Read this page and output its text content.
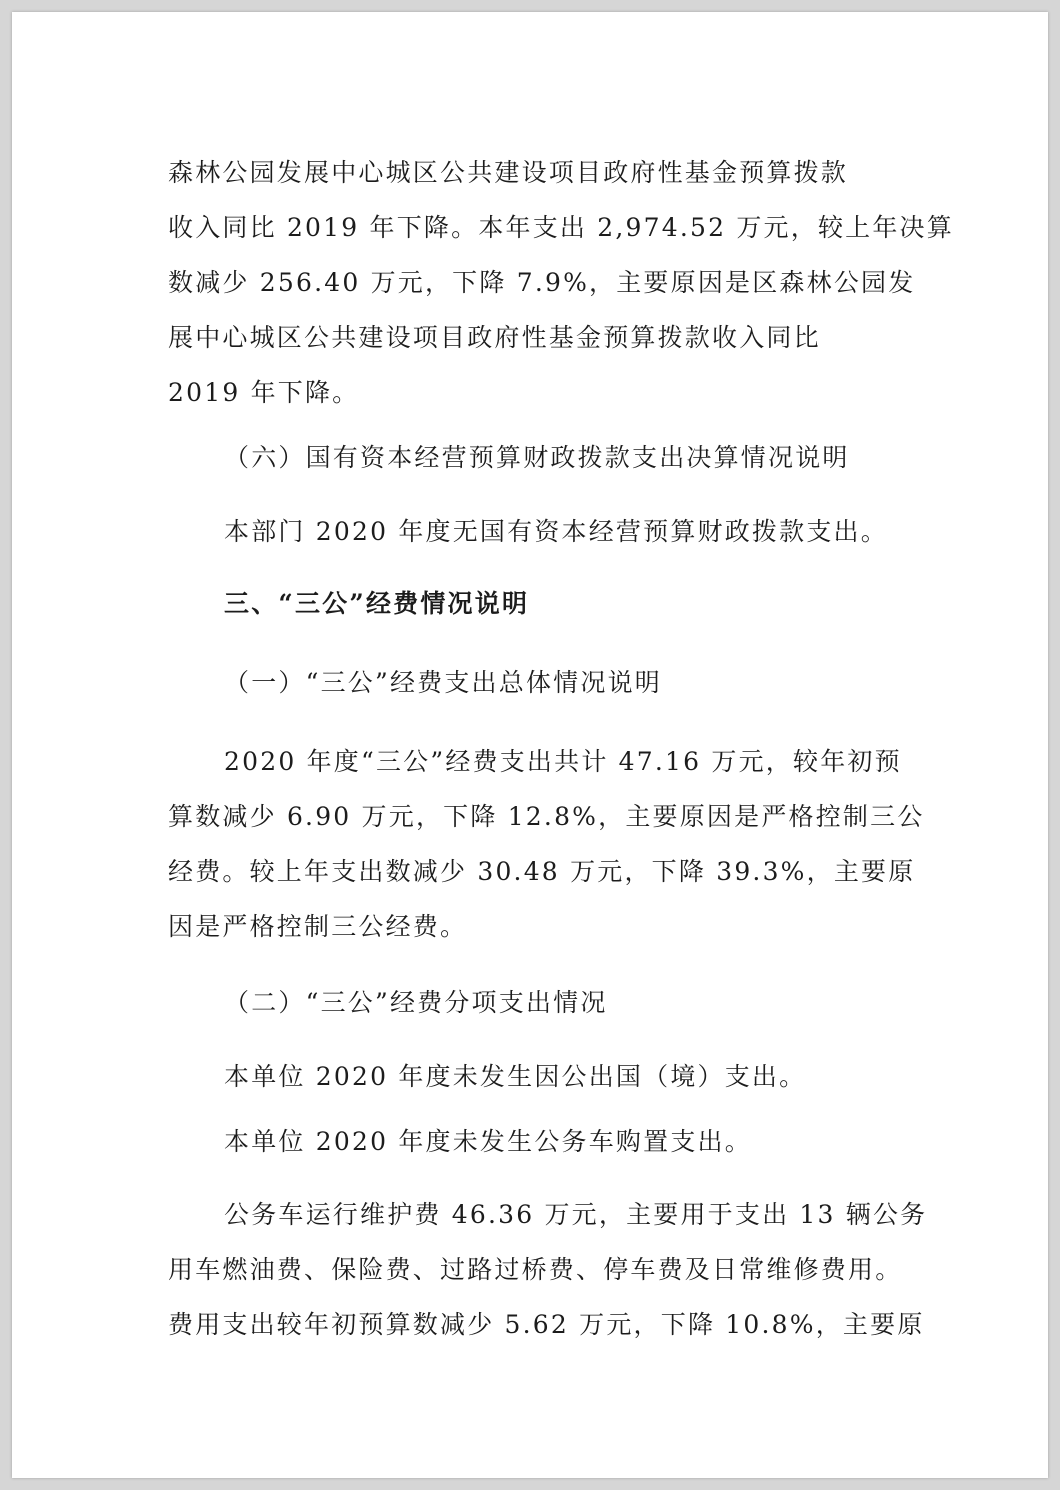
森林公园发展中心城区公共建设项目政府性基金预算拨款
收入同比 2019 年下降。本年支出 2,974.52 万元，较上年决算
数减少 256.40 万元，下降 7.9%，主要原因是区森林公园发
展中心城区公共建设项目政府性基金预算拨款收入同比
2019 年下降。
（六）国有资本经营预算财政拨款支出决算情况说明
本部门 2020 年度无国有资本经营预算财政拨款支出。
三、“三公”经费情况说明
（一）“三公”经费支出总体情况说明
2020 年度“三公”经费支出共计 47.16 万元，较年初预
算数减少 6.90 万元，下降 12.8%，主要原因是严格控制三公
经费。较上年支出数减少 30.48 万元，下降 39.3%，主要原
因是严格控制三公经费。
（二）“三公”经费分项支出情况
本单位 2020 年度未发生因公出国（境）支出。
本单位 2020 年度未发生公务车购置支出。
公务车运行维护费 46.36 万元，主要用于支出 13 辆公务
用车燃油费、保险费、过路过桥费、停车费及日常维修费用。
费用支出较年初预算数减少 5.62 万元，下降 10.8%，主要原
